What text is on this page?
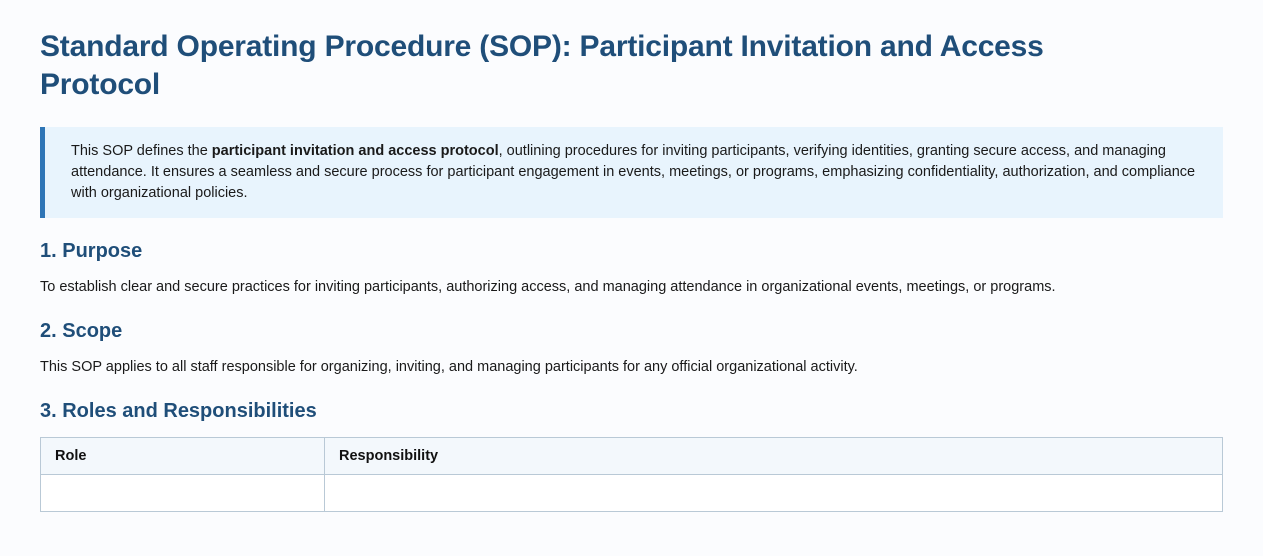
Standard Operating Procedure (SOP): Participant Invitation and Access Protocol

This SOP defines the participant invitation and access protocol, outlining procedures for inviting participants, verifying identities, granting secure access, and managing attendance. It ensures a seamless and secure process for participant engagement in events, meetings, or programs, emphasizing confidentiality, authorization, and compliance with organizational policies.

1. Purpose

To establish clear and secure practices for inviting participants, authorizing access, and managing attendance in organizational events, meetings, or programs.

2. Scope

This SOP applies to all staff responsible for organizing, inviting, and managing participants for any official organizational activity.

3. Roles and Responsibilities
Role	Responsibility
